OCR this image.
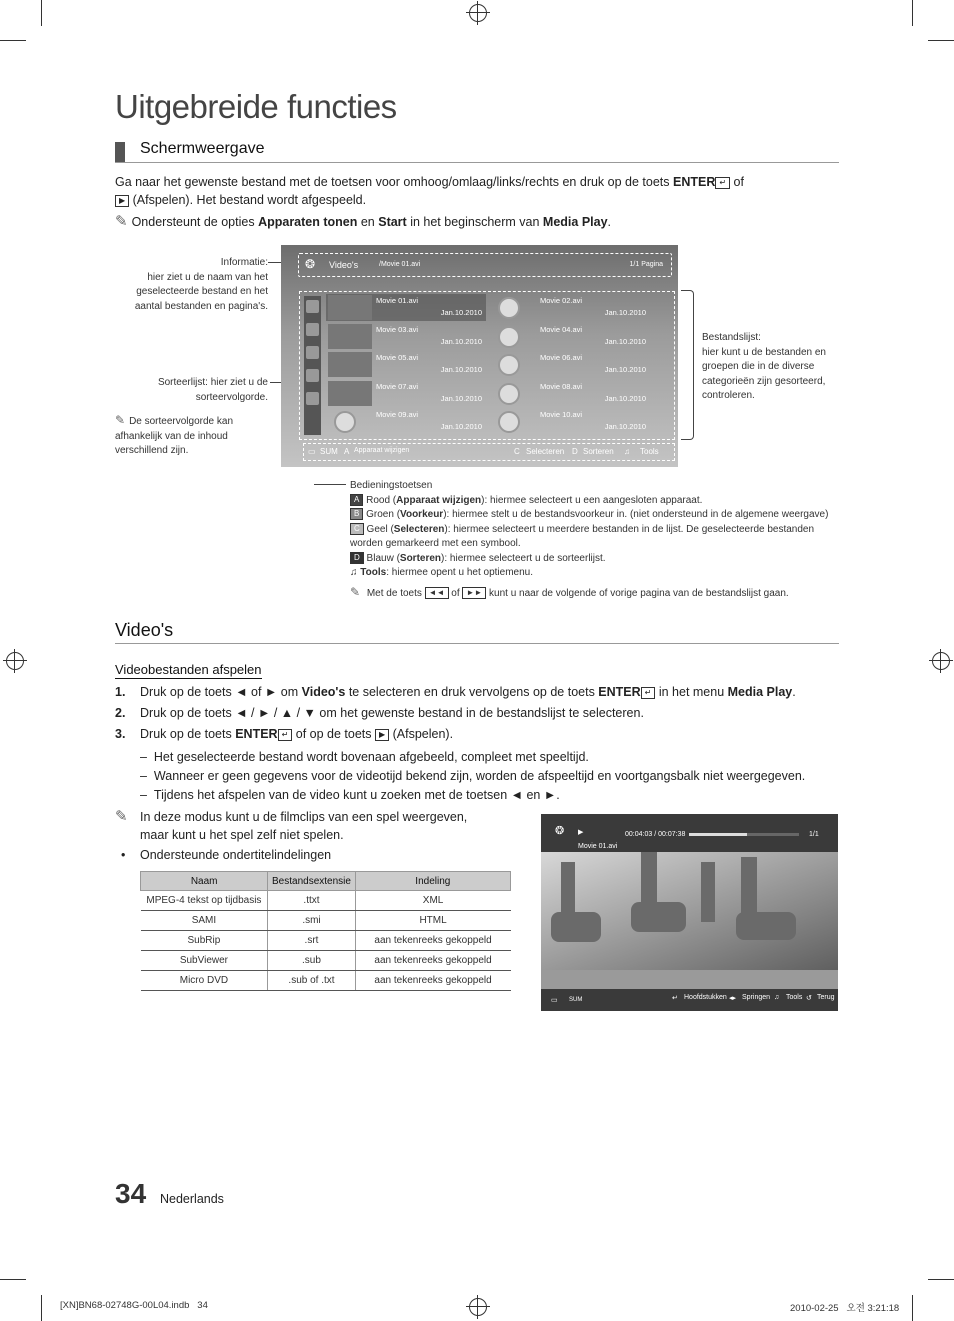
Uitgebreide functies
Schermweergave
Ga naar het gewenste bestand met de toetsen voor omhoog/omlaag/links/rechts en druk op de toets ENTER ↵ of
▶ (Afspelen). Het bestand wordt afgespeeld.
✎ Ondersteunt de opties Apparaten tonen en Start in het beginscherm van Media Play.
Informatie:
hier ziet u de naam van het geselecteerde bestand en het aantal bestanden en pagina's.
Sorteerlijst: hier ziet u de sorteervolgorde.
✎ De sorteervolgorde kan afhankelijk van de inhoud verschillend zijn.
❂ Video's	/Movie 01.avi	1/1 Pagina
Movie 01.avi
Jan.10.2010
Movie 02.avi
Jan.10.2010
Movie 03.avi
Jan.10.2010
Movie 04.avi
Jan.10.2010
Movie 05.avi
Jan.10.2010
Movie 06.avi
Jan.10.2010
Movie 07.avi
Jan.10.2010
Movie 08.avi
Jan.10.2010
Movie 09.avi
Jan.10.2010
Movie 10.avi
Jan.10.2010
▭ SUM A Apparaat wijzigen	C Selecteren D Sorteren ♫ Tools
Bestandslijst:
hier kunt u de bestanden en groepen die in de diverse categorieën zijn gesorteerd, controleren.
Bedieningstoetsen
A Rood (Apparaat wijzigen): hiermee selecteert u een aangesloten apparaat.
B Groen (Voorkeur): hiermee stelt u de bestandsvoorkeur in. (niet ondersteund in de algemene weergave)
C Geel (Selecteren): hiermee selecteert u meerdere bestanden in de lijst. De geselecteerde bestanden worden gemarkeerd met een symbool.
D Blauw (Sorteren): hiermee selecteert u de sorteerlijst.
♫ Tools: hiermee opent u het optiemenu.
✎ Met de toets ◄◄ of ►► kunt u naar de volgende of vorige pagina van de bestandslijst gaan.
Video's
Videobestanden afspelen
1. Druk op de toets ◄ of ► om Video's te selecteren en druk vervolgens op de toets ENTER ↵ in het menu Media Play.
2. Druk op de toets ◄ / ► / ▲ / ▼ om het gewenste bestand in de bestandslijst te selecteren.
3. Druk op de toets ENTER ↵ of op de toets ▶ (Afspelen).
–  Het geselecteerde bestand wordt bovenaan afgebeeld, compleet met speeltijd.
–  Wanneer er geen gegevens voor de videotijd bekend zijn, worden de afspeeltijd en voortgangsbalk niet weergegeven.
–  Tijdens het afspelen van de video kunt u zoeken met de toetsen ◄ en ►.
✎ In deze modus kunt u de filmclips van een spel weergeven, maar kunt u het spel zelf niet spelen.
• Ondersteunde ondertitelindelingen
Naam	Bestandsextensie	Indeling
MPEG-4 tekst op tijdbasis	.ttxt	XML
SAMI	.smi	HTML
SubRip	.srt	aan tekenreeks gekoppeld
SubViewer	.sub	aan tekenreeks gekoppeld
Micro DVD	.sub of .txt	aan tekenreeks gekoppeld
❂ ▶	00:04:03 / 00:07:38	1/1
Movie 01.avi
▭ SUM	↵ Hoofdstukken ◂▸ Springen ♫ Tools ↺ Terug
34 Nederlands
[XN]BN68-02748G-00L04.indb   34	2010-02-25   오전 3:21:18
